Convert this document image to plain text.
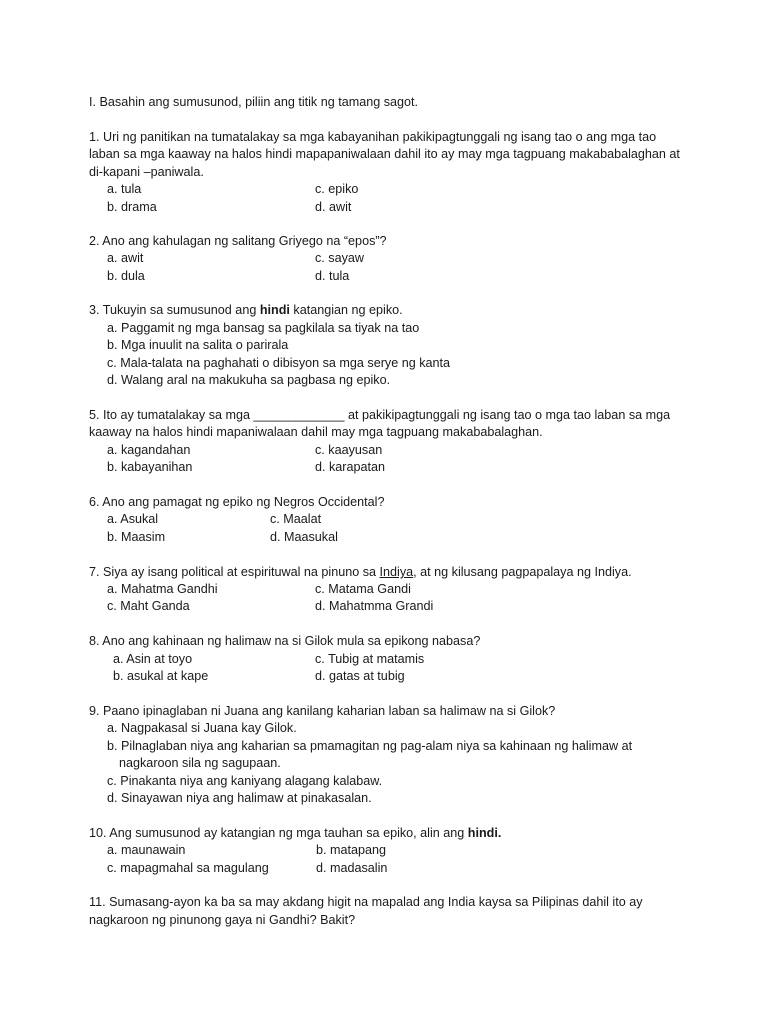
I. Basahin ang sumusunod, piliin ang titik ng tamang sagot.
1. Uri ng panitikan na tumatalakay sa mga kabayanihan pakikipagtunggali ng isang tao o ang mga tao
laban sa mga kaaway na halos hindi mapapaniwalaan dahil ito ay may mga tagpuang makababalaghan at
di-kapani –paniwala.
a. tula	c. epiko
b. drama	d. awit
2. Ano ang kahulagan ng salitang Griyego na “epos”?
a. awit	c. sayaw
b. dula	d. tula
3. Tukuyin sa sumusunod ang hindi katangian ng epiko.
a. Paggamit ng mga bansag sa pagkilala sa tiyak na tao
b. Mga inuulit na salita o parirala
c. Mala-talata na paghahati o dibisyon sa mga serye ng kanta
d. Walang aral na makukuha sa pagbasa ng epiko.
5. Ito ay tumatalakay sa mga _____________ at pakikipagtunggali ng isang tao o mga tao laban sa mga
kaaway na halos hindi mapaniwalaan dahil may mga tagpuang makababalaghan.
a. kagandahan	c. kaayusan
b. kabayanihan	d. karapatan
6. Ano ang pamagat ng epiko ng Negros Occidental?
a. Asukal	c. Maalat
b. Maasim	d. Maasukal
7. Siya ay isang political at espirituwal na pinuno sa Indiya, at ng kilusang pagpapalaya ng Indiya.
a. Mahatma Gandhi	c. Matama Gandi
c. Maht Ganda	d. Mahatmma Grandi
8. Ano ang kahinaan ng halimaw na si Gilok mula sa epikong nabasa?
a. Asin at toyo	c. Tubig at matamis
b. asukal at kape	d. gatas at tubig
9. Paano ipinaglaban ni Juana ang kanilang kaharian laban sa halimaw na si Gilok?
a. Nagpakasal si Juana kay Gilok.
b. Pilnaglaban niya ang kaharian sa pmamagitan ng pag-alam niya sa kahinaan ng halimaw at
nagkaroon sila ng sagupaan.
c. Pinakanta niya ang kaniyang alagang kalabaw.
d. Sinayawan niya ang halimaw at pinakasalan.
10. Ang sumusunod ay katangian ng mga tauhan sa epiko, alin ang hindi.
a. maunawain	b. matapang
c. mapagmahal sa magulang	d. madasalin
11. Sumasang-ayon ka ba sa may akdang higit na mapalad ang India kaysa sa Pilipinas dahil ito ay
nagkaroon ng pinunong gaya ni Gandhi? Bakit?
